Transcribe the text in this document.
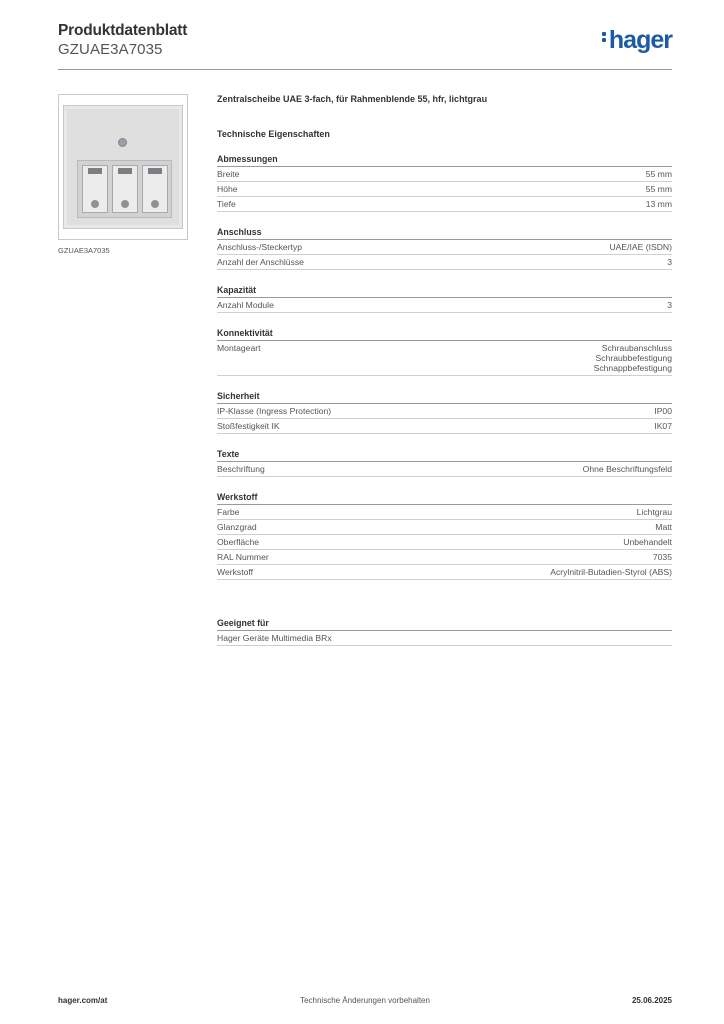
Produktdatenblatt
GZUAE3A7035	hager
GZUAE3A7035
Zentralscheibe UAE 3-fach, für Rahmenblende 55, hfr, lichtgrau
Technische Eigenschaften
Abmessungen
Breite	55 mm
Höhe	55 mm
Tiefe	13 mm
Anschluss
Anschluss-/Steckertyp	UAE/IAE (ISDN)
Anzahl der Anschlüsse	3
Kapazität
Anzahl Module	3
Konnektivität
Montageart	Schraubanschluss
Schraubbefestigung
Schnappbefestigung
Sicherheit
IP-Klasse (Ingress Protection)	IP00
Stoßfestigkeit IK	IK07
Texte
Beschriftung	Ohne Beschriftungsfeld
Werkstoff
Farbe	Lichtgrau
Glanzgrad	Matt
Oberfläche	Unbehandelt
RAL Nummer	7035
Werkstoff	Acrylnitril-Butadien-Styrol (ABS)
Geeignet für
Hager Geräte Multimedia BRx
hager.com/at	Technische Änderungen vorbehalten	25.06.2025
